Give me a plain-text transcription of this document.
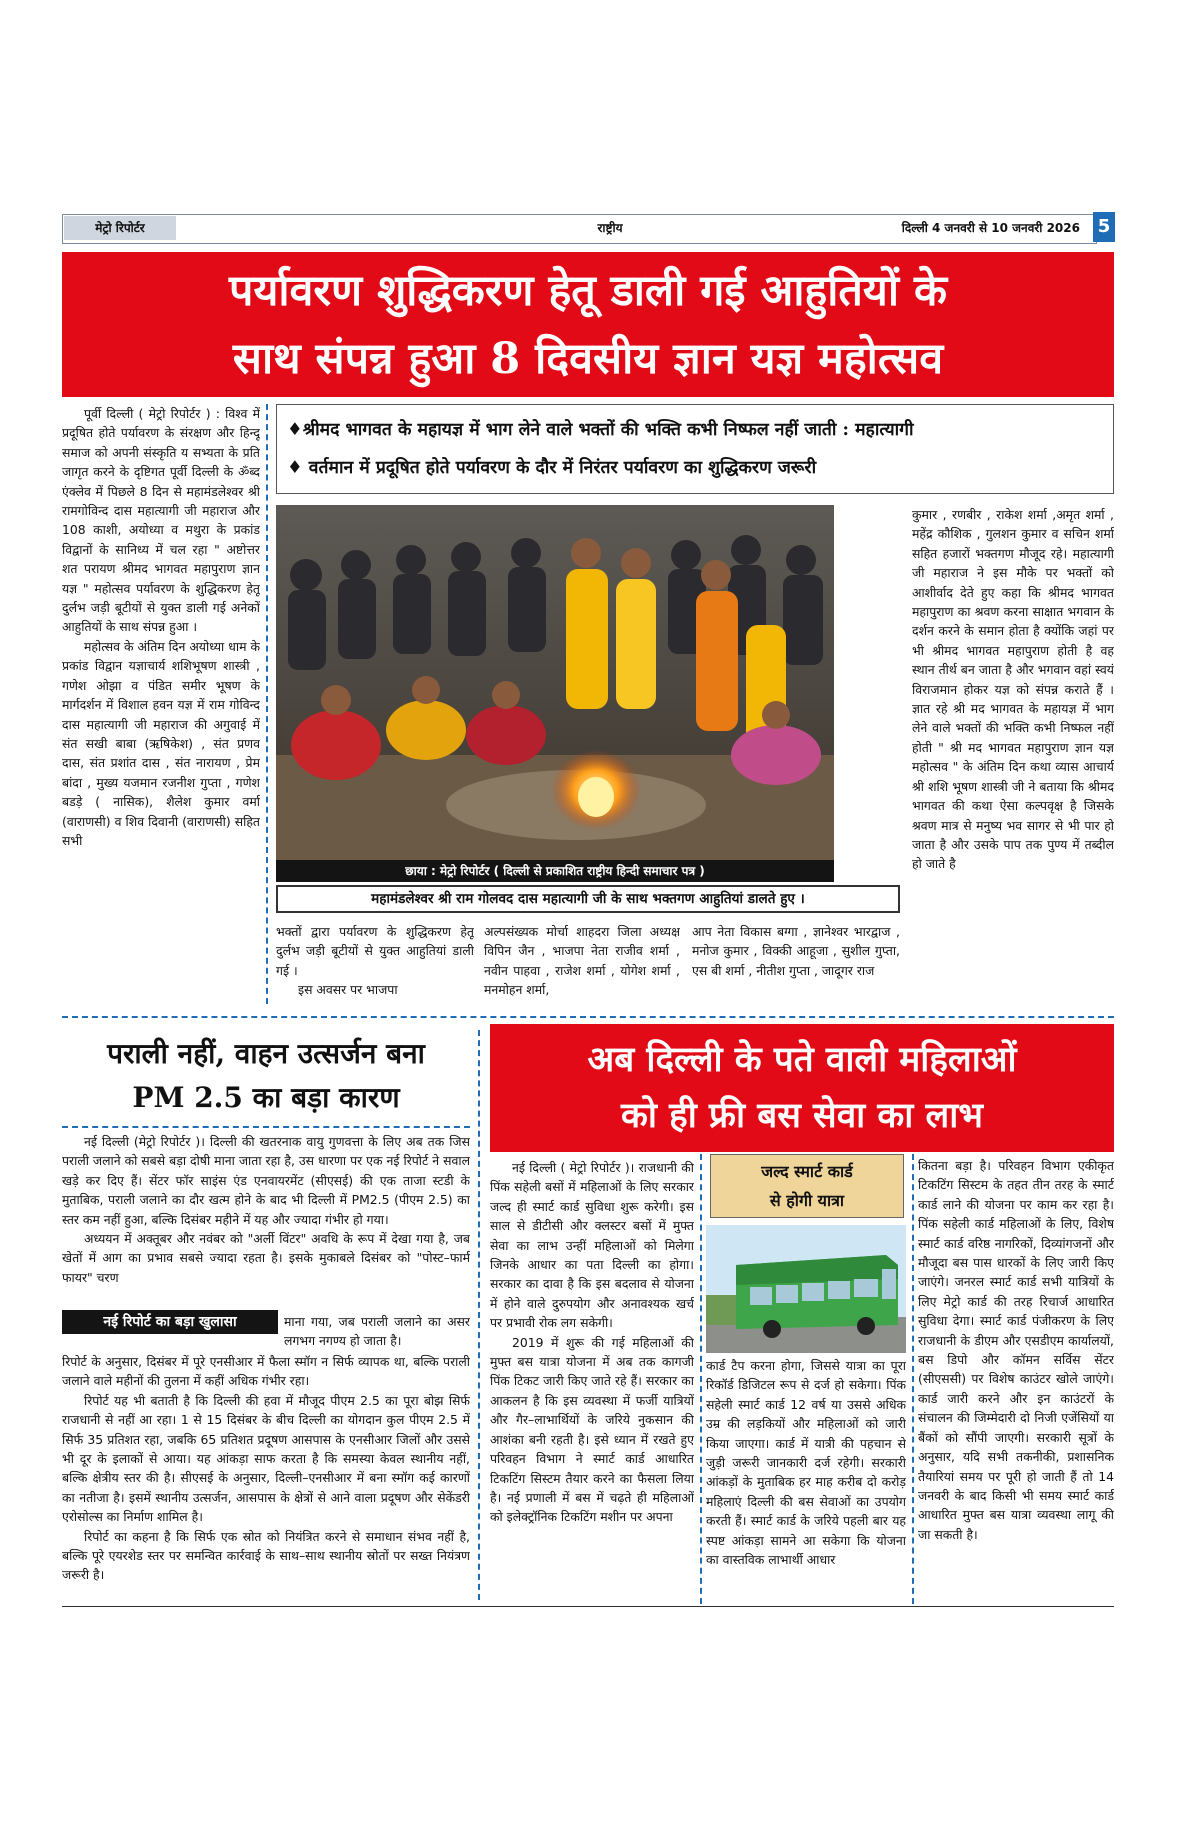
मेट्रो रिपोर्टर	राष्ट्रीय	दिल्ली 4 जनवरी से 10 जनवरी 2026 5
पर्यावरण शुद्धिकरण हेतू डाली गई आहुतियों के
साथ संपन्न हुआ 8 दिवसीय ज्ञान यज्ञ महोत्सव

पूर्वी दिल्ली ( मेट्रो रिपोर्टर ) : विश्व में प्रदूषित होते पर्यावरण के संरक्षण और हिन्दू समाज को अपनी संस्कृति य सभ्यता के प्रति जागृत करने के दृष्टिगत पूर्वी दिल्ली के ॐब्द एंक्लेव में पिछले 8 दिन से महामंडलेश्वर श्री रामगोविन्द दास महात्यागी जी महाराज और 108 काशी, अयोध्या व मथुरा के प्रकांड विद्वानों के सानिध्य में चल रहा " अष्टोत्तर शत परायण श्रीमद भागवत महापुराण ज्ञान यज्ञ " महोत्सव पर्यावरण के शुद्धिकरण हेतू दुर्लभ जड़ी बूटीयों से युक्त डाली गई अनेकों आहुतियों के साथ संपन्न हुआ ।

महोत्सव के अंतिम दिन अयोध्या धाम के प्रकांड विद्वान यज्ञाचार्य शशिभूषण शास्त्री , गणेश ओझा व पंडित समीर भूषण के मार्गदर्शन में विशाल हवन यज्ञ में राम गोविन्द दास महात्यागी जी महाराज की अगुवाई में संत सखी बाबा (ऋषिकेश) , संत प्रणव दास, संत प्रशांत दास , संत नारायण , प्रेम बांदा , मुख्य यजमान रजनीश गुप्ता , गणेश बडड़े ( नासिक), शैलेश कुमार वर्मा (वाराणसी) व शिव दिवानी (वाराणसी) सहित सभी

♦श्रीमद भागवत के महायज्ञ में भाग लेने वाले भक्तों की भक्ति कभी निष्फल नहीं जाती : महात्यागी
♦ वर्तमान में प्रदूषित होते पर्यावरण के दौर में निरंतर पर्यावरण का शुद्धिकरण जरूरी
छाया : मेट्रो रिपोर्टर ( दिल्ली से प्रकाशित राष्ट्रीय हिन्दी समाचार पत्र )
महामंडलेश्वर श्री राम गोलवद दास महात्यागी जी के साथ भक्तगण आहुतियां डालते हुए ।

भक्तों द्वारा पर्यावरण के शुद्धिकरण हेतू दुर्लभ जड़ी बूटीयों से युक्त आहुतियां डाली गई ।

इस अवसर पर भाजपा

अल्पसंख्यक मोर्चा शाहदरा जिला अध्यक्ष विपिन जैन , भाजपा नेता राजीव शर्मा , नवीन पाहवा , राजेश शर्मा , योगेश शर्मा , मनमोहन शर्मा,

आप नेता विकास बग्गा , ज्ञानेश्वर भारद्वाज , मनोज कुमार , विक्की आहूजा , सुशील गुप्ता, एस बी शर्मा , नीतीश गुप्ता , जादूगर राज

कुमार , रणबीर , राकेश शर्मा ,अमृत शर्मा , महेंद्र कौशिक , गुलशन कुमार व सचिन शर्मा सहित हजारों भक्तगण मौजूद रहे। महात्यागी जी महाराज ने इस मौके पर भक्तों को आशीर्वाद देते हुए कहा कि श्रीमद भागवत महापुराण का श्रवण करना साक्षात भगवान के दर्शन करने के समान होता है क्योंकि जहां पर भी श्रीमद भागवत महापुराण होती है वह स्थान तीर्थ बन जाता है और भगवान वहां स्वयं विराजमान होकर यज्ञ को संपन्न कराते हैं । ज्ञात रहे श्री मद भागवत के महायज्ञ में भाग लेने वाले भक्तों की भक्ति कभी निष्फल नहीं होती " श्री मद भागवत महापुराण ज्ञान यज्ञ महोत्सव " के अंतिम दिन कथा व्यास आचार्य श्री शशि भूषण शास्त्री जी ने बताया कि श्रीमद भागवत की कथा ऐसा कल्पवृक्ष है जिसके श्रवण मात्र से मनुष्य भव सागर से भी पार हो जाता है और उसके पाप तक पुण्य में तब्दील हो जाते है

पराली नहीं, वाहन उत्सर्जन बना
PM 2.5 का बड़ा कारण

नई दिल्ली (मेट्रो रिपोर्टर )। दिल्ली की खतरनाक वायु गुणवत्ता के लिए अब तक जिस पराली जलाने को सबसे बड़ा दोषी माना जाता रहा है, उस धारणा पर एक नई रिपोर्ट ने सवाल खड़े कर दिए हैं। सेंटर फॉर साइंस एंड एनवायरमेंट (सीएसई) की एक ताजा स्टडी के मुताबिक, पराली जलाने का दौर खत्म होने के बाद भी दिल्ली में PM2.5 (पीएम 2.5) का स्तर कम नहीं हुआ, बल्कि दिसंबर महीने में यह और ज्यादा गंभीर हो गया।

अध्ययन में अक्तूबर और नवंबर को "अर्ली विंटर" अवधि के रूप में देखा गया है, जब खेतों में आग का प्रभाव सबसे ज्यादा रहता है। इसके मुकाबले दिसंबर को "पोस्ट–फार्म फायर" चरण

नई रिपोर्ट का बड़ा खुलासा	माना गया, जब पराली जलाने का असर लगभग नगण्य हो जाता है।

रिपोर्ट के अनुसार, दिसंबर में पूरे एनसीआर में फैला स्मॉग न सिर्फ व्यापक था, बल्कि पराली जलाने वाले महीनों की तुलना में कहीं अधिक गंभीर रहा।

रिपोर्ट यह भी बताती है कि दिल्ली की हवा में मौजूद पीएम 2.5 का पूरा बोझ सिर्फ राजधानी से नहीं आ रहा। 1 से 15 दिसंबर के बीच दिल्ली का योगदान कुल पीएम 2.5 में सिर्फ 35 प्रतिशत रहा, जबकि 65 प्रतिशत प्रदूषण आसपास के एनसीआर जिलों और उससे भी दूर के इलाकों से आया। यह आंकड़ा साफ करता है कि समस्या केवल स्थानीय नहीं, बल्कि क्षेत्रीय स्तर की है। सीएसई के अनुसार, दिल्ली–एनसीआर में बना स्मॉग कई कारणों का नतीजा है। इसमें स्थानीय उत्सर्जन, आसपास के क्षेत्रों से आने वाला प्रदूषण और सेकेंडरी एरोसोल्स का निर्माण शामिल है।

रिपोर्ट का कहना है कि सिर्फ एक स्रोत को नियंत्रित करने से समाधान संभव नहीं है, बल्कि पूरे एयरशेड स्तर पर समन्वित कार्रवाई के साथ–साथ स्थानीय स्रोतों पर सख्त नियंत्रण जरूरी है।

अब दिल्ली के पते वाली महिलाओं
को ही फ्री बस सेवा का लाभ

नई दिल्ली ( मेट्रो रिपोर्टर )। राजधानी की पिंक सहेली बसों में महिलाओं के लिए सरकार जल्द ही स्मार्ट कार्ड सुविधा शुरू करेगी। इस साल से डीटीसी और क्लस्टर बसों में मुफ्त सेवा का लाभ उन्हीं महिलाओं को मिलेगा जिनके आधार का पता दिल्ली का होगा। सरकार का दावा है कि इस बदलाव से योजना में होने वाले दुरुपयोग और अनावश्यक खर्च पर प्रभावी रोक लग सकेगी।

2019 में शुरू की गई महिलाओं की मुफ्त बस यात्रा योजना में अब तक कागजी पिंक टिकट जारी किए जाते रहे हैं। सरकार का आकलन है कि इस व्यवस्था में फर्जी यात्रियों और गैर–लाभार्थियों के जरिये नुकसान की आशंका बनी रहती है। इसे ध्यान में रखते हुए परिवहन विभाग ने स्मार्ट कार्ड आधारित टिकटिंग सिस्टम तैयार करने का फैसला लिया है। नई प्रणाली में बस में चढ़ते ही महिलाओं को इलेक्ट्रॉनिक टिकटिंग मशीन पर अपना

जल्द स्मार्ट कार्ड
से होगी यात्रा

कार्ड टैप करना होगा, जिससे यात्रा का पूरा रिकॉर्ड डिजिटल रूप से दर्ज हो सकेगा। पिंक सहेली स्मार्ट कार्ड 12 वर्ष या उससे अधिक उम्र की लड़कियों और महिलाओं को जारी किया जाएगा। कार्ड में यात्री की पहचान से जुड़ी जरूरी जानकारी दर्ज रहेगी। सरकारी आंकड़ों के मुताबिक हर माह करीब दो करोड़ महिलाएं दिल्ली की बस सेवाओं का उपयोग करती हैं। स्मार्ट कार्ड के जरिये पहली बार यह स्पष्ट आंकड़ा सामने आ सकेगा कि योजना का वास्तविक लाभार्थी आधार

कितना बड़ा है। परिवहन विभाग एकीकृत टिकटिंग सिस्टम के तहत तीन तरह के स्मार्ट कार्ड लाने की योजना पर काम कर रहा है। पिंक सहेली कार्ड महिलाओं के लिए, विशेष स्मार्ट कार्ड वरिष्ठ नागरिकों, दिव्यांगजनों और मौजूदा बस पास धारकों के लिए जारी किए जाएंगे। जनरल स्मार्ट कार्ड सभी यात्रियों के लिए मेट्रो कार्ड की तरह रिचार्ज आधारित सुविधा देगा। स्मार्ट कार्ड पंजीकरण के लिए राजधानी के डीएम और एसडीएम कार्यालयों, बस डिपो और कॉमन सर्विस सेंटर (सीएससी) पर विशेष काउंटर खोले जाएंगे। कार्ड जारी करने और इन काउंटरों के संचालन की जिम्मेदारी दो निजी एजेंसियों या बैंकों को सौंपी जाएगी। सरकारी सूत्रों के अनुसार, यदि सभी तकनीकी, प्रशासनिक तैयारियां समय पर पूरी हो जाती हैं तो 14 जनवरी के बाद किसी भी समय स्मार्ट कार्ड आधारित मुफ्त बस यात्रा व्यवस्था लागू की जा सकती है।
